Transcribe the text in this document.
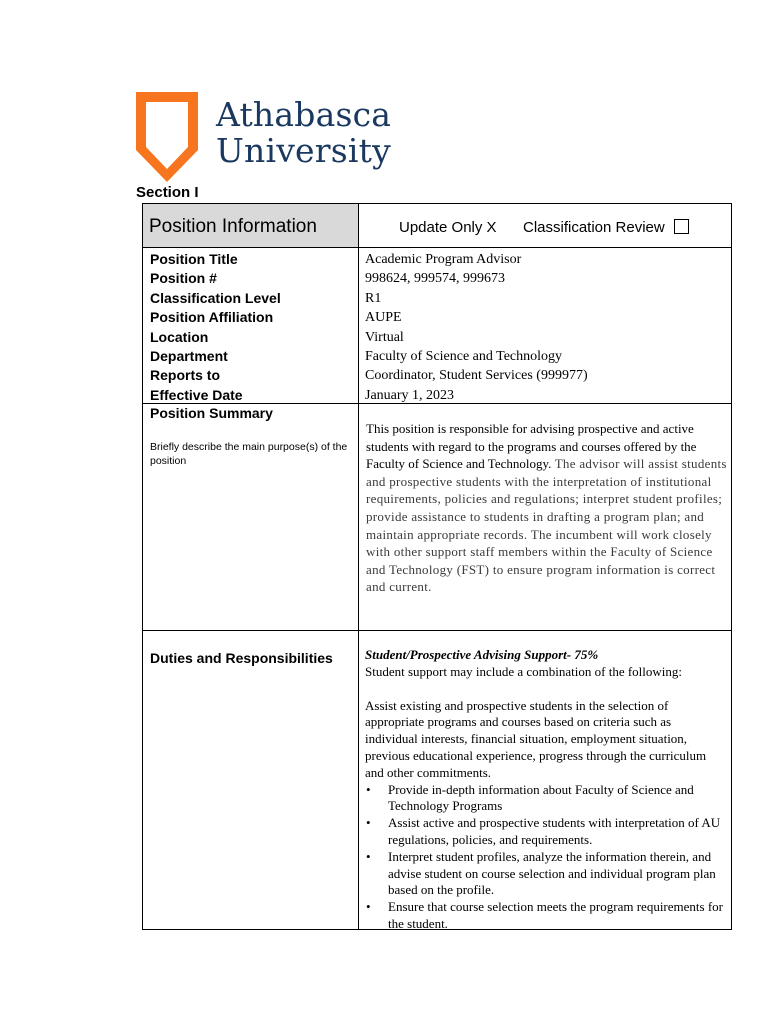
Athabasca
University
Section I
Position Information	Update Only X Classification Review
Position Title
Position #
Classification Level
Position Affiliation
Location
Department
Reports to
Effective Date
Academic Program Advisor
998624, 999574, 999673
R1
AUPE
Virtual
Faculty of Science and Technology
Coordinator, Student Services (999977)
January 1, 2023
Position Summary
Briefly describe the main purpose(s) of the position
This position is responsible for advising prospective and active students with regard to the programs and courses offered by the Faculty of Science and Technology. The advisor will assist students and prospective students with the interpretation of institutional requirements, policies and regulations; interpret student profiles; provide assistance to students in drafting a program plan; and maintain appropriate records. The incumbent will work closely with other support staff members within the Faculty of Science and Technology (FST) to ensure program information is correct and current.
Duties and Responsibilities Student/Prospective Advising Support- 75%
Student support may include a combination of the following:
Assist existing and prospective students in the selection of appropriate programs and courses based on criteria such as individual interests, financial situation, employment situation, previous educational experience, progress through the curriculum and other commitments.
• Provide in-depth information about Faculty of Science and Technology Programs
• Assist active and prospective students with interpretation of AU regulations, policies, and requirements.
• Interpret student profiles, analyze the information therein, and advise student on course selection and individual program plan based on the profile.
• Ensure that course selection meets the program requirements for the student.
